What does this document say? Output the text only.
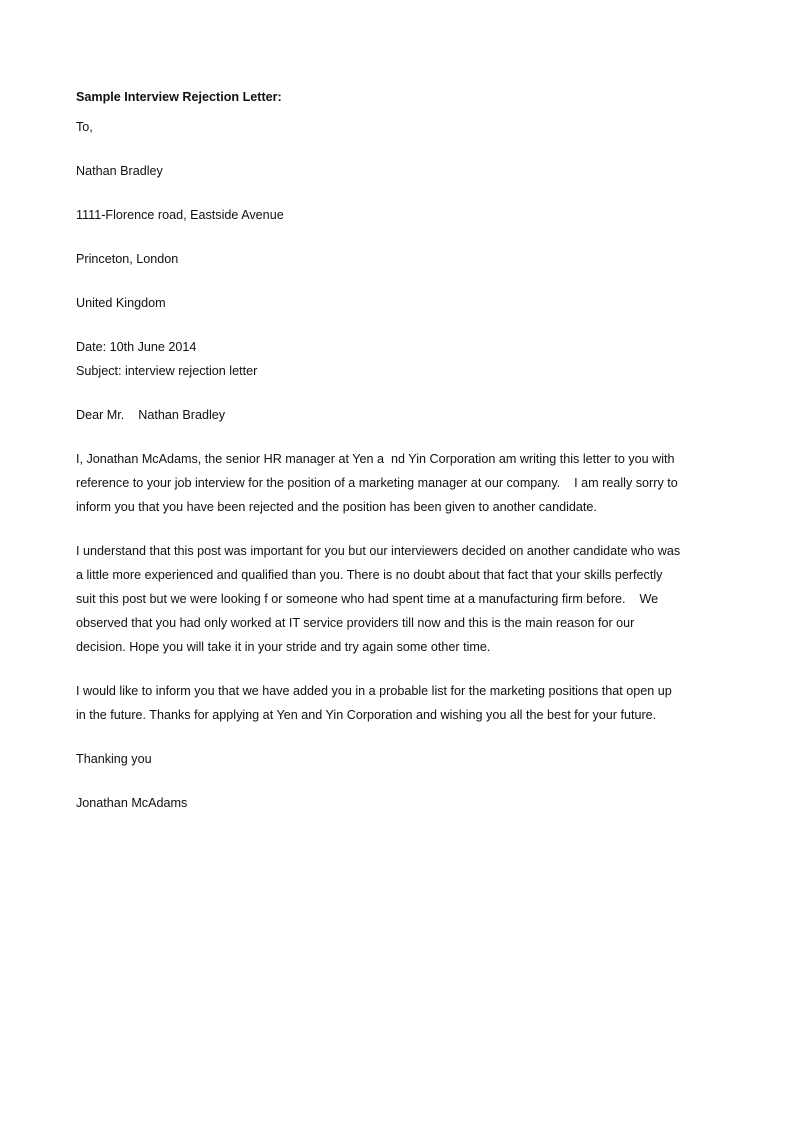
Sample Interview Rejection Letter:
To,
Nathan Bradley
1111-Florence road, Eastside Avenue
Princeton, London
United Kingdom
Date: 10th June 2014
Subject: interview rejection letter
Dear Mr.    Nathan Bradley
I, Jonathan McAdams, the senior HR manager at Yen a  nd Yin Corporation am writing this letter to you with
reference to your job interview for the position of a marketing manager at our company.    I am really sorry to
inform you that you have been rejected and the position has been given to another candidate.
I understand that this post was important for you but our interviewers decided on another candidate who was
a little more experienced and qualified than you. There is no doubt about that fact that your skills perfectly
suit this post but we were looking f or someone who had spent time at a manufacturing firm before.    We
observed that you had only worked at IT service providers till now and this is the main reason for our
decision. Hope you will take it in your stride and try again some other time.
I would like to inform you that we have added you in a probable list for the marketing positions that open up
in the future. Thanks for applying at Yen and Yin Corporation and wishing you all the best for your future.
Thanking you
Jonathan McAdams
